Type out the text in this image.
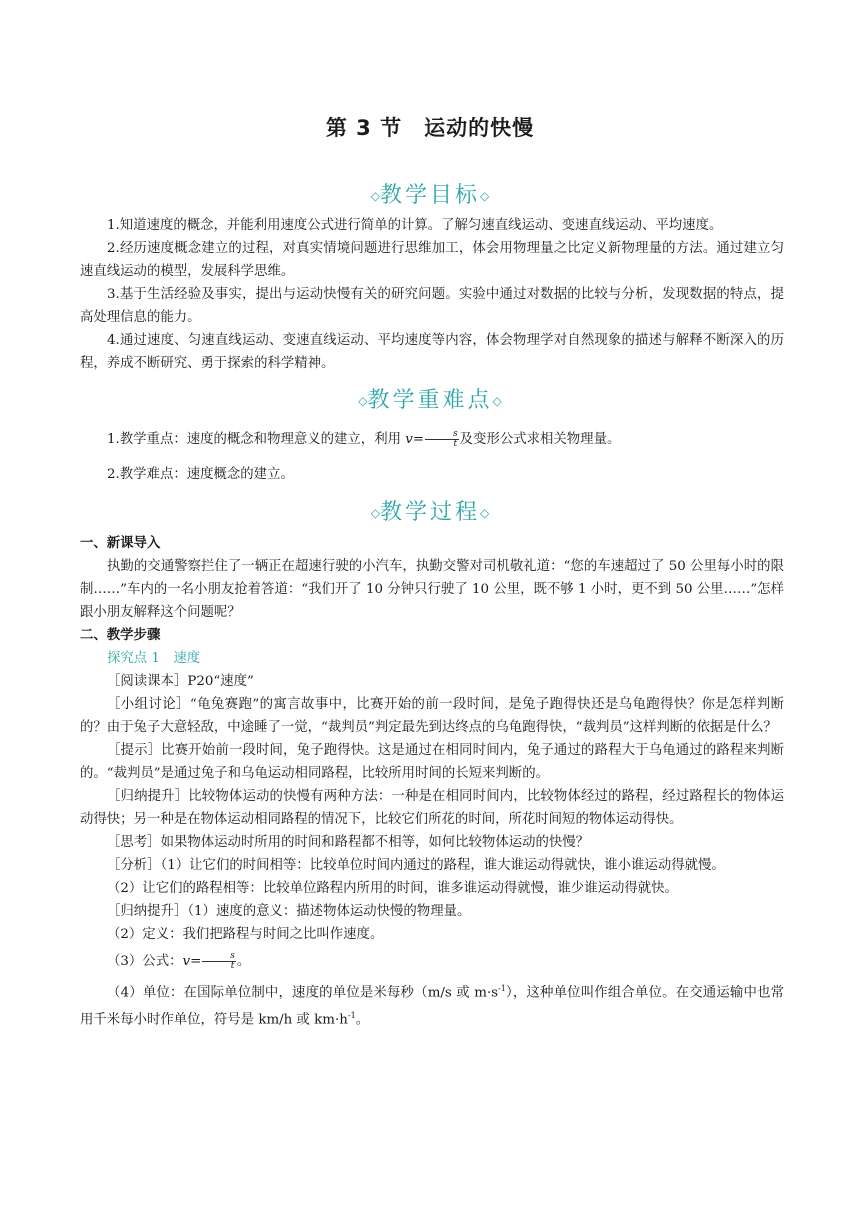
第 3 节　运动的快慢
◇教学目标◇

1.知道速度的概念，并能利用速度公式进行简单的计算。了解匀速直线运动、变速直线运动、平均速度。

2.经历速度概念建立的过程，对真实情境问题进行思维加工，体会用物理量之比定义新物理量的方法。通过建立匀速直线运动的模型，发展科学思维。

3.基于生活经验及事实，提出与运动快慢有关的研究问题。实验中通过对数据的比较与分析，发现数据的特点，提高处理信息的能力。

4.通过速度、匀速直线运动、变速直线运动、平均速度等内容，体会物理学对自然现象的描述与解释不断深入的历程，养成不断研究、勇于探索的科学精神。

◇教学重难点◇

1.教学重点：速度的概念和物理意义的建立，利用 $v= \frac{s}{t}$ 及变形公式求相关物理量。

2.教学难点：速度概念的建立。

◇教学过程◇

一、新课导入

执勤的交通警察拦住了一辆正在超速行驶的小汽车，执勤交警对司机敬礼道：“您的车速超过了 50 公里每小时的限制……”车内的一名小朋友抢着答道：“我们开了 10 分钟只行驶了 10 公里，既不够 1 小时，更不到 50 公里……”怎样跟小朋友解释这个问题呢？

二、教学步骤

探究点 1　速度

［阅读课本］P20“速度”

［小组讨论］“龟兔赛跑”的寓言故事中，比赛开始的前一段时间，是兔子跑得快还是乌龟跑得快？你是怎样判断的？由于兔子大意轻敌，中途睡了一觉，“裁判员”判定最先到达终点的乌龟跑得快，“裁判员”这样判断的依据是什么？

［提示］比赛开始前一段时间，兔子跑得快。这是通过在相同时间内，兔子通过的路程大于乌龟通过的路程来判断的。“裁判员”是通过兔子和乌龟运动相同路程，比较所用时间的长短来判断的。

［归纳提升］比较物体运动的快慢有两种方法：一种是在相同时间内，比较物体经过的路程，经过路程长的物体运动得快；另一种是在物体运动相同路程的情况下，比较它们所花的时间，所花时间短的物体运动得快。

［思考］如果物体运动时所用的时间和路程都不相等，如何比较物体运动的快慢？

［分析］（1）让它们的时间相等：比较单位时间内通过的路程，谁大谁运动得就快，谁小谁运动得就慢。

（2）让它们的路程相等：比较单位路程内所用的时间，谁多谁运动得就慢，谁少谁运动得就快。

［归纳提升］（1）速度的意义：描述物体运动快慢的物理量。

（2）定义：我们把路程与时间之比叫作速度。

（3）公式：$v= \frac{s}{t}$ 。

（4）单位：在国际单位制中，速度的单位是米每秒（m/s 或 $m\cdot s^{-1}$），这种单位叫作组合单位。在交通运输中也常用千米每小时作单位，符号是 km/h 或 $km\cdot h^{-1}$。
